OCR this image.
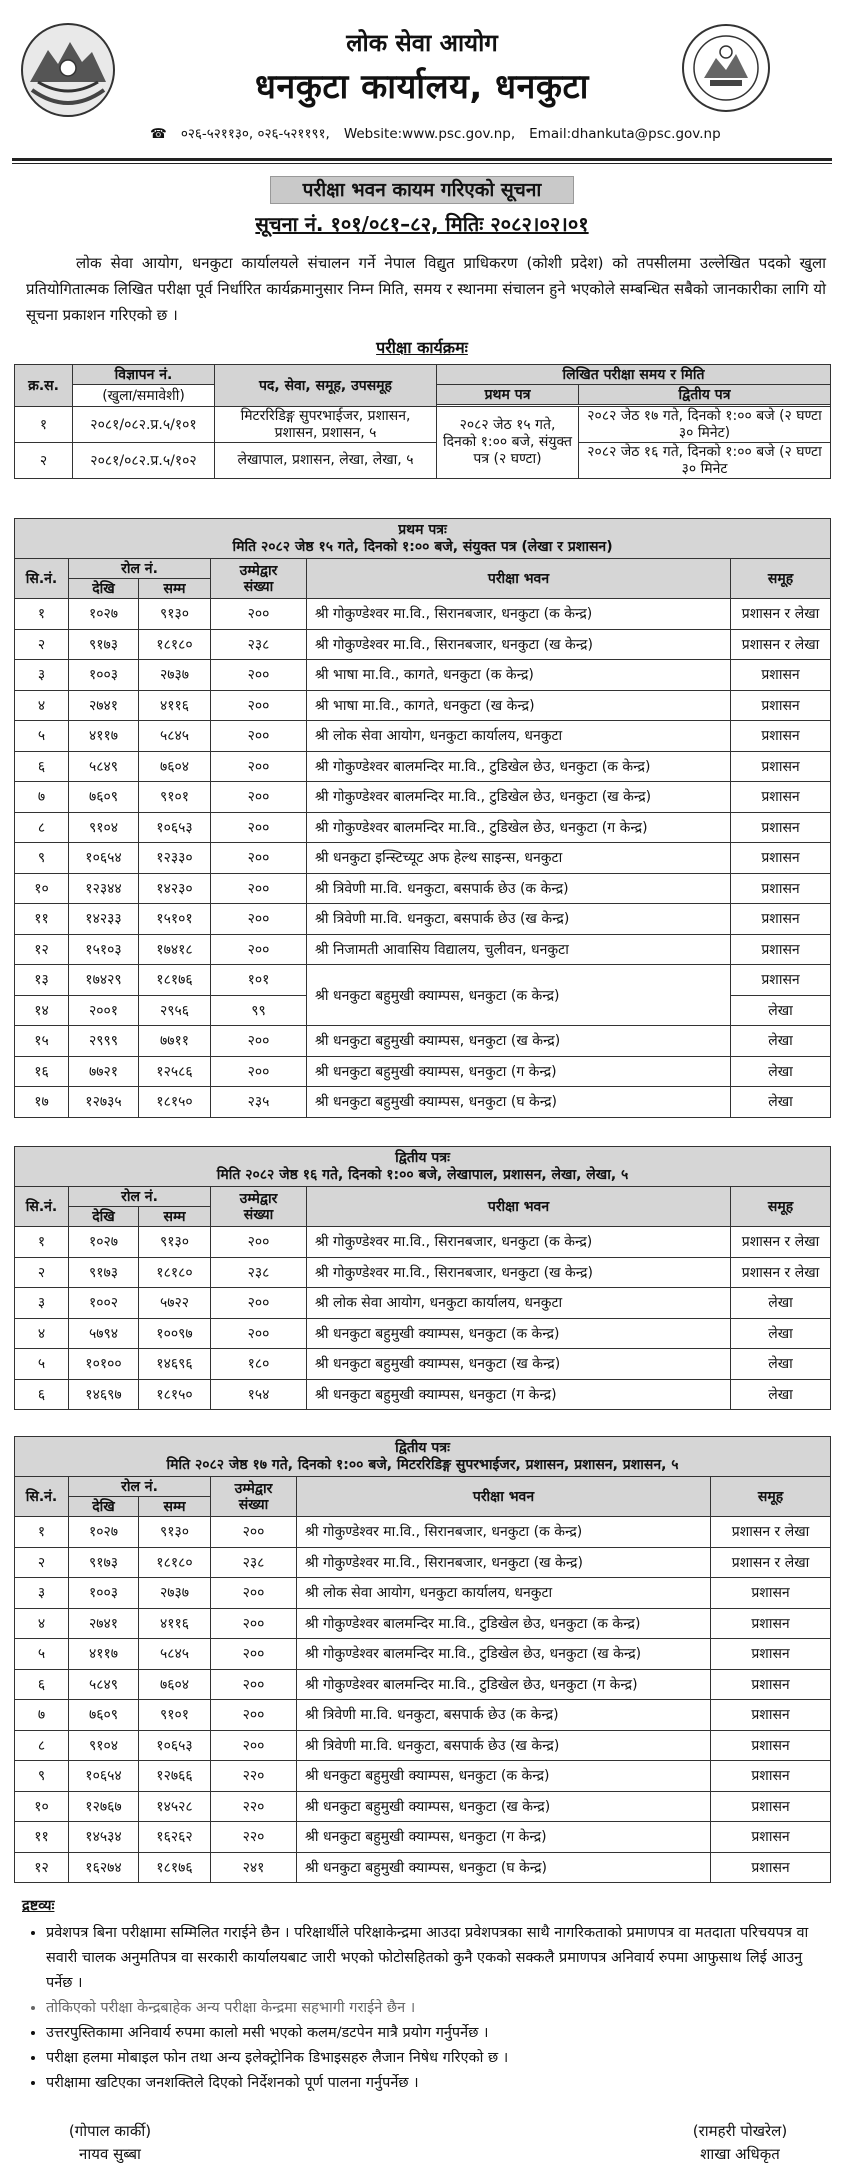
लोक सेवा आयोग
धनकुटा कार्यालय, धनकुटा
☎ ०२६-५२११३०, ०२६-५२११९१, Website:www.psc.gov.np, Email:dhankuta@psc.gov.np
परीक्षा भवन कायम गरिएको सूचना
सूचना नं. १०१/०८१–८२, मितिः २०८२।०२।०१
लोक सेवा आयोग, धनकुटा कार्यालयले संचालन गर्ने नेपाल विद्युत प्राधिकरण (कोशी प्रदेश) को तपसीलमा उल्लेखित पदको खुला प्रतियोगितात्मक लिखित परीक्षा पूर्व निर्धारित कार्यक्रमानुसार निम्न मिति, समय र स्थानमा संचालन हुने भएकोले सम्बन्धित सबैको जानकारीका लागि यो सूचना प्रकाशन गरिएको छ ।
परीक्षा कार्यक्रमः
क्र.स.	विज्ञापन नं.	पद, सेवा, समूह, उपसमूह	लिखित परीक्षा समय र मिति	
	(खुला/समावेशी)		प्रथम पत्र	द्वितीय पत्र

१	२०८१/०८२.प्र.५/१०१	मिटररिडिङ्ग सुपरभाईजर, प्रशासन, प्रशासन, प्रशासन, ५	२०८२ जेठ १५ गते, दिनको १:०० बजे, संयुक्त पत्र (२ घण्टा)	२०८२ जेठ १७ गते, दिनको १:०० बजे (२ घण्टा ३० मिनेट)
२	२०८१/०८२.प्र.५/१०२	लेखापाल, प्रशासन, लेखा, लेखा, ५		२०८२ जेठ १६ गते, दिनको १:०० बजे (२ घण्टा ३० मिनेट
प्रथम पत्रः
मिति २०८२ जेष्ठ १५ गते, दिनको १:०० बजे, संयुक्त पत्र (लेखा र प्रशासन)					
सि.नं.	रोल नं.		उम्मेद्वार
संख्या	परीक्षा भवन	समूह
	देखि	सम्म			
१	१०२७	९१३०	२००	श्री गोकुण्डेश्वर मा.वि., सिरानबजार, धनकुटा (क केन्द्र)	प्रशासन र लेखा
२	९१७३	१८१८०	२३८	श्री गोकुण्डेश्वर मा.वि., सिरानबजार, धनकुटा (ख केन्द्र)	प्रशासन र लेखा
३	१००३	२७३७	२००	श्री भाषा मा.वि., कागते, धनकुटा (क केन्द्र)	प्रशासन
४	२७४१	४११६	२००	श्री भाषा मा.वि., कागते, धनकुटा (ख केन्द्र)	प्रशासन
५	४११७	५८४५	२००	श्री लोक सेवा आयोग, धनकुटा कार्यालय, धनकुटा	प्रशासन
६	५८४९	७६०४	२००	श्री गोकुण्डेश्वर बालमन्दिर मा.वि., टुडिखेल छेउ, धनकुटा (क केन्द्र)	प्रशासन
७	७६०९	९१०१	२००	श्री गोकुण्डेश्वर बालमन्दिर मा.वि., टुडिखेल छेउ, धनकुटा (ख केन्द्र)	प्रशासन
८	९१०४	१०६५३	२००	श्री गोकुण्डेश्वर बालमन्दिर मा.वि., टुडिखेल छेउ, धनकुटा (ग केन्द्र)	प्रशासन
९	१०६५४	१२३३०	२००	श्री धनकुटा इन्स्टिच्यूट अफ हेल्थ साइन्स, धनकुटा	प्रशासन
१०	१२३४४	१४२३०	२००	श्री त्रिवेणी मा.वि. धनकुटा, बसपार्क छेउ (क केन्द्र)	प्रशासन
११	१४२३३	१५१०१	२००	श्री त्रिवेणी मा.वि. धनकुटा, बसपार्क छेउ (ख केन्द्र)	प्रशासन
१२	१५१०३	१७४१८	२००	श्री निजामती आवासिय विद्यालय, चुलीवन, धनकुटा	प्रशासन
१३	१७४२९	१८१७६	१०१	श्री धनकुटा बहुमुखी क्याम्पस, धनकुटा (क केन्द्र)	प्रशासन
१४	२००१	२९५६	९९		लेखा
१५	२९९९	७७११	२००	श्री धनकुटा बहुमुखी क्याम्पस, धनकुटा (ख केन्द्र)	लेखा
१६	७७२१	१२५८६	२००	श्री धनकुटा बहुमुखी क्याम्पस, धनकुटा (ग केन्द्र)	लेखा
१७	१२७३५	१८१५०	२३५	श्री धनकुटा बहुमुखी क्याम्पस, धनकुटा (घ केन्द्र)	लेखा
द्वितीय पत्रः
मिति २०८२ जेष्ठ १६ गते, दिनको १:०० बजे, लेखापाल, प्रशासन, लेखा, लेखा, ५					
सि.नं.	रोल नं.		उम्मेद्वार
संख्या	परीक्षा भवन	समूह
	देखि	सम्म			
१	१०२७	९१३०	२००	श्री गोकुण्डेश्वर मा.वि., सिरानबजार, धनकुटा (क केन्द्र)	प्रशासन र लेखा
२	९१७३	१८१८०	२३८	श्री गोकुण्डेश्वर मा.वि., सिरानबजार, धनकुटा (ख केन्द्र)	प्रशासन र लेखा
३	१००२	५७२२	२००	श्री लोक सेवा आयोग, धनकुटा कार्यालय, धनकुटा	लेखा
४	५७९४	१००९७	२००	श्री धनकुटा बहुमुखी क्याम्पस, धनकुटा (क केन्द्र)	लेखा
५	१०१००	१४६९६	१८०	श्री धनकुटा बहुमुखी क्याम्पस, धनकुटा (ख केन्द्र)	लेखा
६	१४६९७	१८१५०	१५४	श्री धनकुटा बहुमुखी क्याम्पस, धनकुटा (ग केन्द्र)	लेखा
द्वितीय पत्रः
मिति २०८२ जेष्ठ १७ गते, दिनको १:०० बजे, मिटररिडिङ्ग सुपरभाईजर, प्रशासन, प्रशासन, प्रशासन, ५					
सि.नं.	रोल नं.		उम्मेद्वार
संख्या	परीक्षा भवन	समूह
	देखि	सम्म			
१	१०२७	९१३०	२००	श्री गोकुण्डेश्वर मा.वि., सिरानबजार, धनकुटा (क केन्द्र)	प्रशासन र लेखा
२	९१७३	१८१८०	२३८	श्री गोकुण्डेश्वर मा.वि., सिरानबजार, धनकुटा (ख केन्द्र)	प्रशासन र लेखा
३	१००३	२७३७	२००	श्री लोक सेवा आयोग, धनकुटा कार्यालय, धनकुटा	प्रशासन
४	२७४१	४११६	२००	श्री गोकुण्डेश्वर बालमन्दिर मा.वि., टुडिखेल छेउ, धनकुटा (क केन्द्र)	प्रशासन
५	४११७	५८४५	२००	श्री गोकुण्डेश्वर बालमन्दिर मा.वि., टुडिखेल छेउ, धनकुटा (ख केन्द्र)	प्रशासन
६	५८४९	७६०४	२००	श्री गोकुण्डेश्वर बालमन्दिर मा.वि., टुडिखेल छेउ, धनकुटा (ग केन्द्र)	प्रशासन
७	७६०९	९१०१	२००	श्री त्रिवेणी मा.वि. धनकुटा, बसपार्क छेउ (क केन्द्र)	प्रशासन
८	९१०४	१०६५३	२००	श्री त्रिवेणी मा.वि. धनकुटा, बसपार्क छेउ (ख केन्द्र)	प्रशासन
९	१०६५४	१२७६६	२२०	श्री धनकुटा बहुमुखी क्याम्पस, धनकुटा (क केन्द्र)	प्रशासन
१०	१२७६७	१४५२८	२२०	श्री धनकुटा बहुमुखी क्याम्पस, धनकुटा (ख केन्द्र)	प्रशासन
११	१४५३४	१६२६२	२२०	श्री धनकुटा बहुमुखी क्याम्पस, धनकुटा (ग केन्द्र)	प्रशासन
१२	१६२७४	१८१७६	२४१	श्री धनकुटा बहुमुखी क्याम्पस, धनकुटा (घ केन्द्र)	प्रशासन
द्रष्टव्यः
• प्रवेशपत्र बिना परीक्षामा सम्मिलित गराईने छैन । परिक्षार्थीले परिक्षाकेन्द्रमा आउदा प्रवेशपत्रका साथै नागरिकताको प्रमाणपत्र वा मतदाता परिचयपत्र वा सवारी चालक अनुमतिपत्र वा सरकारी कार्यालयबाट जारी भएको फोटोसहितको कुनै एकको सक्कलै प्रमाणपत्र अनिवार्य रुपमा आफुसाथ लिई आउनु पर्नेछ ।
• तोकिएको परीक्षा केन्द्रबाहेक अन्य परीक्षा केन्द्रमा सहभागी गराईने छैन ।
• उत्तरपुस्तिकामा अनिवार्य रुपमा कालो मसी भएको कलम/डटपेन मात्रै प्रयोग गर्नुपर्नेछ ।
• परीक्षा हलमा मोबाइल फोन तथा अन्य इलेक्ट्रोनिक डिभाइसहरु लैजान निषेध गरिएको छ ।
• परीक्षामा खटिएका जनशक्तिले दिएको निर्देशनको पूर्ण पालना गर्नुपर्नेछ ।
(गोपाल कार्की)
नायव सुब्बा
(रामहरी पोखरेल)
शाखा अधिकृत
